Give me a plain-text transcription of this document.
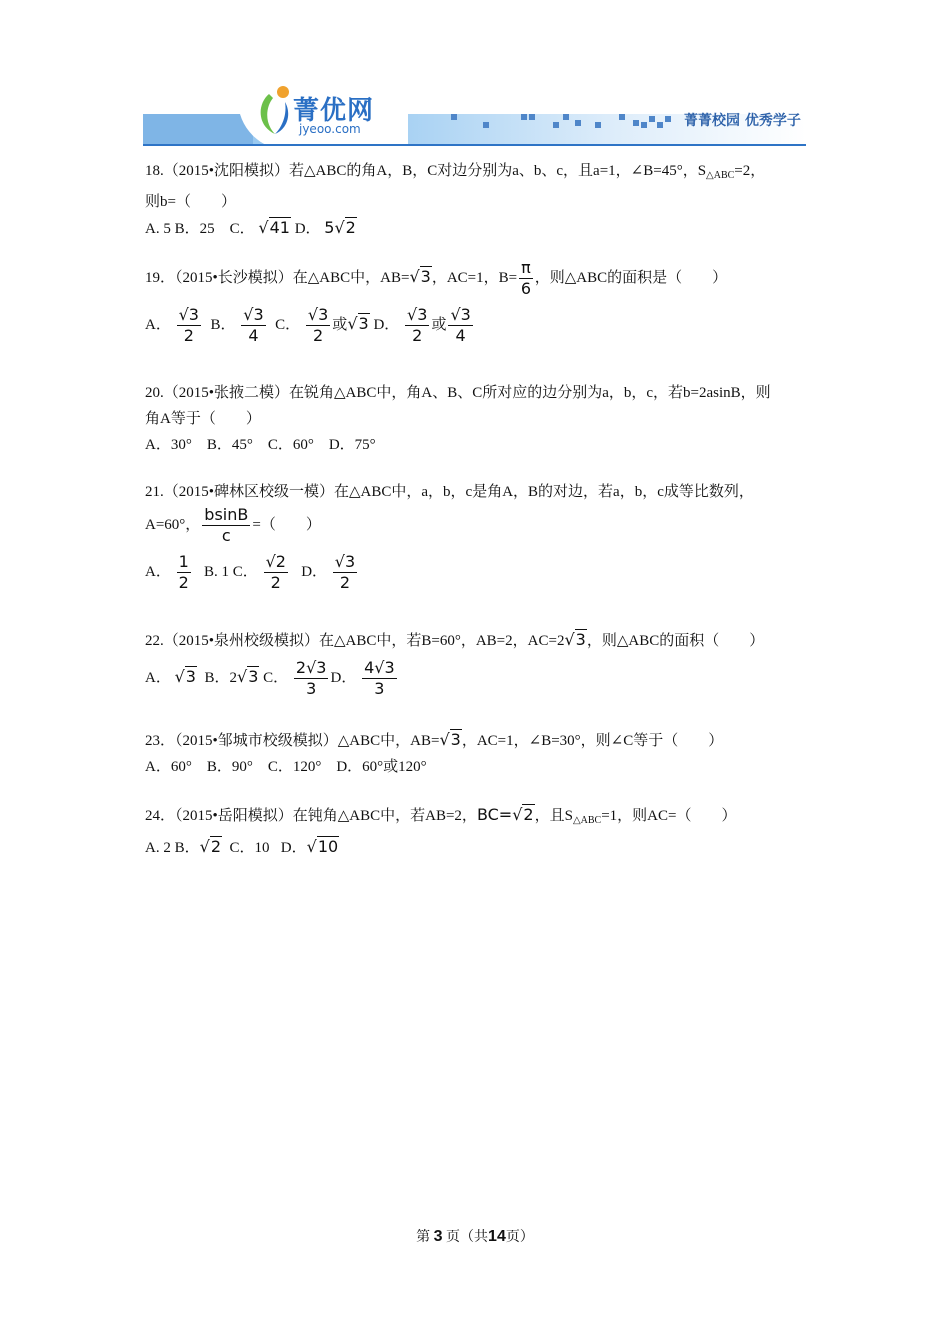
菁优网
jyeoo.com	菁菁校园 优秀学子
18.（2015•沈阳模拟）若△ABC的角A，B，C对边分别为a、b、c，且a=1，∠B=45°，$S_{\triangle ABC}=2$，
则b=（　　）
A. 5 B．25 C． √41 D． 5√2
19．（2015•长沙模拟）在△ABC中，AB=√3，AC=1，$B= \frac{\pi}{6}$ ，则△ABC的面积是（　　）
A． $\frac{√3}{2}$ B． $\frac{√3}{4}$ C． $\frac{√3}{2}$ 或√3 D． $\frac{√3}{2}$ 或 $\frac{√3}{4}$
20.（2015•张掖二模）在锐角△ABC中，角A、B、C所对应的边分别为a，b，c，若b=2asinB，则
角A等于（　　）
A．30°　B．45°　C．60°　D．75°
21.（2015•碑林区校级一模）在△ABC中，a，b，c是角A，B的对边，若a，b，c成等比数列，
A=60°， $\frac{bsinB}{c}$ =（　　）
A． $\frac{1}{2} B$. 1 C． $\frac{√2}{2}$ D． $\frac{√3}{2}$
22.（2015•泉州校级模拟）在△ABC中，若B=60°，AB=2，AC=2√3，则△ABC的面积（　　）
A． √3 B．2√3 C． $\frac{2√3}{3}$ D． $\frac{4√3}{3}$
23．（2015•邹城市校级模拟）△ABC中，AB=√3，AC=1，∠B=30°，则∠C等于（　　）
A．60°　B．90°　C．120°　D．60°或120°
24．（2015•岳阳模拟）在钝角△ABC中，若AB=2，BC=√2，且$S_{\triangle ABC}=1$，则AC=（　　）
A. 2 B．√2 C．10 D．√10
第 3 页（共14页）
